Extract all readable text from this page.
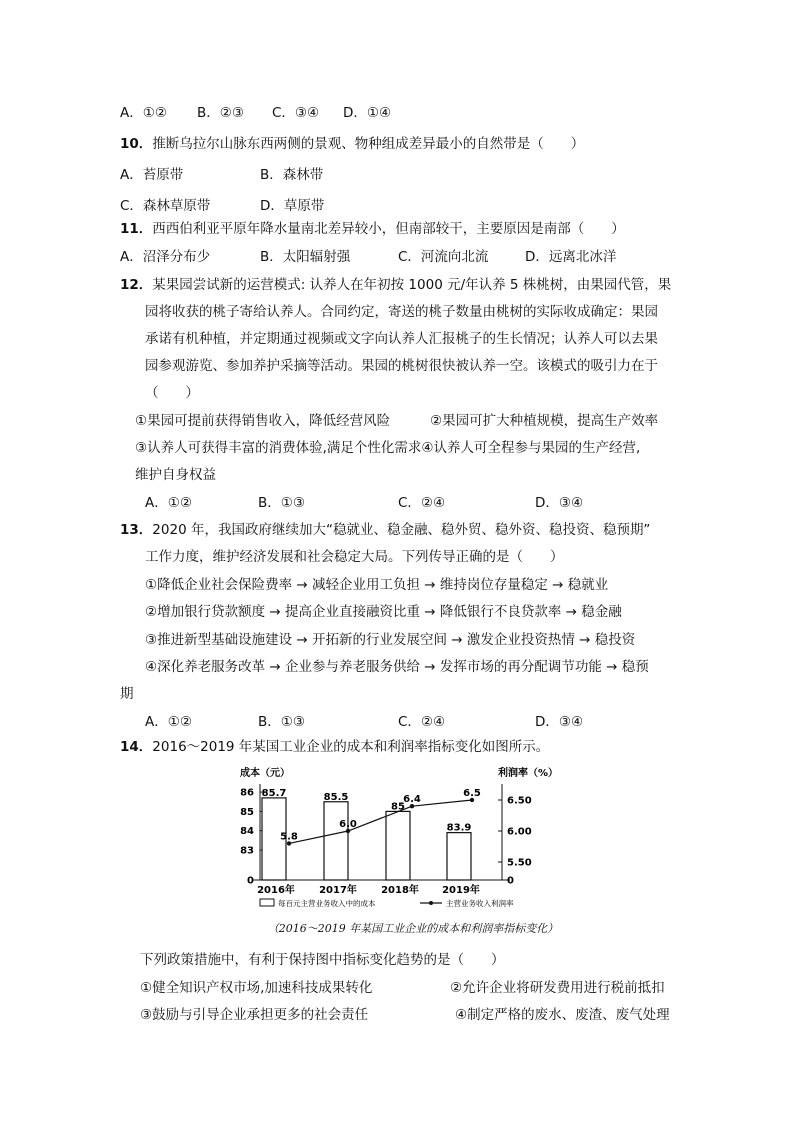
A．①② B．②③ C．③④ D．①④
10．推断乌拉尔山脉东西两侧的景观、物种组成差异最小的自然带是（　　）
A．苔原带	B．森林带
C．森林草原带	D．草原带
11．西西伯利亚平原年降水量南北差异较小，但南部较干，主要原因是南部（　　）
A．沼泽分布少	B．太阳辐射强	C．河流向北流	D．远离北冰洋
12．某果园尝试新的运营模式: 认养人在年初按 1000 元/年认养 5 株桃树，由果园代管，果
园将收获的桃子寄给认养人。合同约定，寄送的桃子数量由桃树的实际收成确定：果园
承诺有机种植，并定期通过视频或文字向认养人汇报桃子的生长情况；认养人可以去果
园参观游览、参加养护采摘等活动。果园的桃树很快被认养一空。该模式的吸引力在于
（　　）
①果园可提前获得销售收入，降低经营风险	②果园可扩大种植规模，提高生产效率
③认养人可获得丰富的消费体验,满足个性化需求④认养人可全程参与果园的生产经营,
维护自身权益
A．①②	B．①③	C．②④	D．③④
13．2020 年，我国政府继续加大“稳就业、稳金融、稳外贸、稳外资、稳投资、稳预期”
工作力度，维护经济发展和社会稳定大局。下列传导正确的是（　　）
①降低企业社会保险费率 → 减轻企业用工负担 → 维持岗位存量稳定 → 稳就业
②增加银行贷款额度 → 提高企业直接融资比重 → 降低银行不良贷款率 → 稳金融
③推进新型基础设施建设 → 开拓新的行业发展空间 → 激发企业投资热情 → 稳投资
④深化养老服务改革 → 企业参与养老服务供给 → 发挥市场的再分配调节功能 → 稳预
期
A．①②	B．①③	C．②④	D．③④
14．2016～2019 年某国工业企业的成本和利润率指标变化如图所示。
成本（元）	利润率（%）
0
83
84
85
86
0
5.50
6.00
6.50
85.7	85.5
85
83.9
5.8
6.0
6.4
6.5
2016年 2017年 2018年 2019年
每百元主营业务收入中的成本	主营业务收入利润率
（2016～2019 年某国工业企业的成本和利润率指标变化）
下列政策措施中，有利于保持图中指标变化趋势的是（　　）
①健全知识产权市场,加速科技成果转化	②允许企业将研发费用进行税前抵扣
③鼓励与引导企业承担更多的社会责任	④制定严格的废水、废渣、废气处理
